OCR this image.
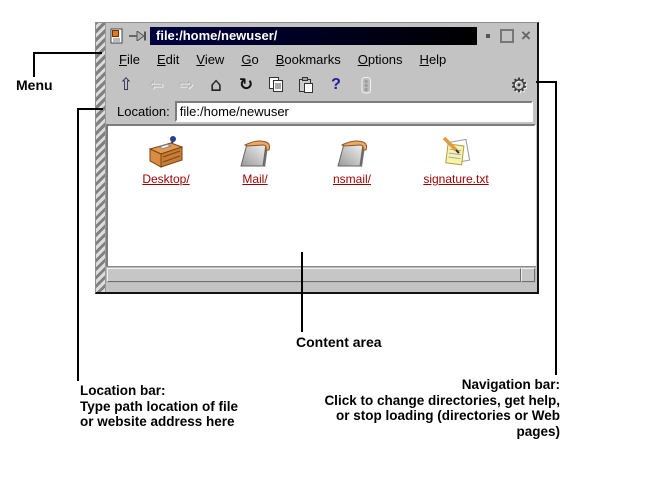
file:/home/newuser/	×
File Edit View Go Bookmarks Options Help
⇧ ⇦ ⇨ ⌂ ↻	?	⚙
Location:
file:/home/newuser
Desktop/	Mail/	nsmail/	signature.txt
Menu
Content area
Location bar:
Type path location of file
or website address here
Navigation bar:
Click to change directories, get help,
or stop loading (directories or Web pages)
